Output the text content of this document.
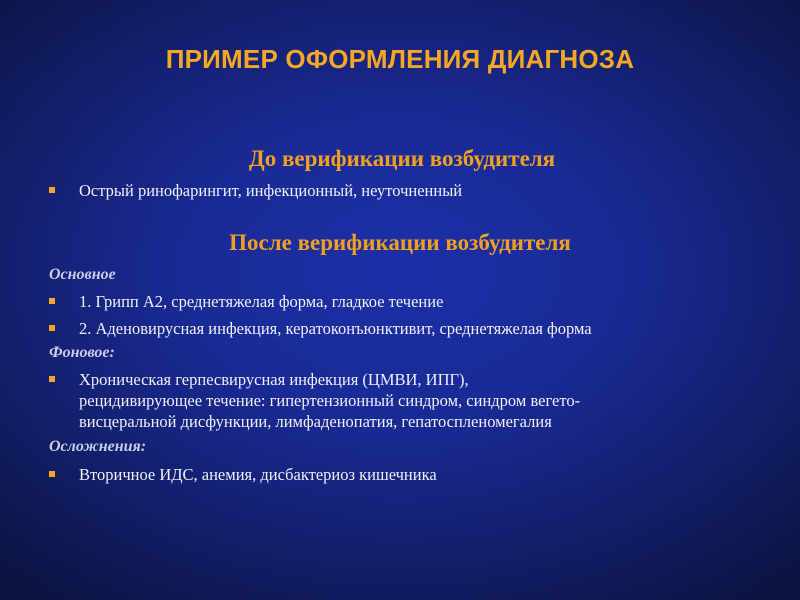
ПРИМЕР ОФОРМЛЕНИЯ ДИАГНОЗА
До верификации возбудителя
Острый ринофарингит, инфекционный, неуточненный
После верификации возбудителя
Основное
1. Грипп А2, среднетяжелая форма, гладкое течение
2. Аденовирусная инфекция, кератоконъюнктивит, среднетяжелая форма
Фоновое:
Хроническая герпесвирусная инфекция (ЦМВИ, ИПГ),
рецидивирующее течение: гипертензионный синдром, синдром вегето-
висцеральной дисфункции, лимфаденопатия, гепатоспленомегалия
Осложнения:
Вторичное ИДС, анемия, дисбактериоз кишечника
